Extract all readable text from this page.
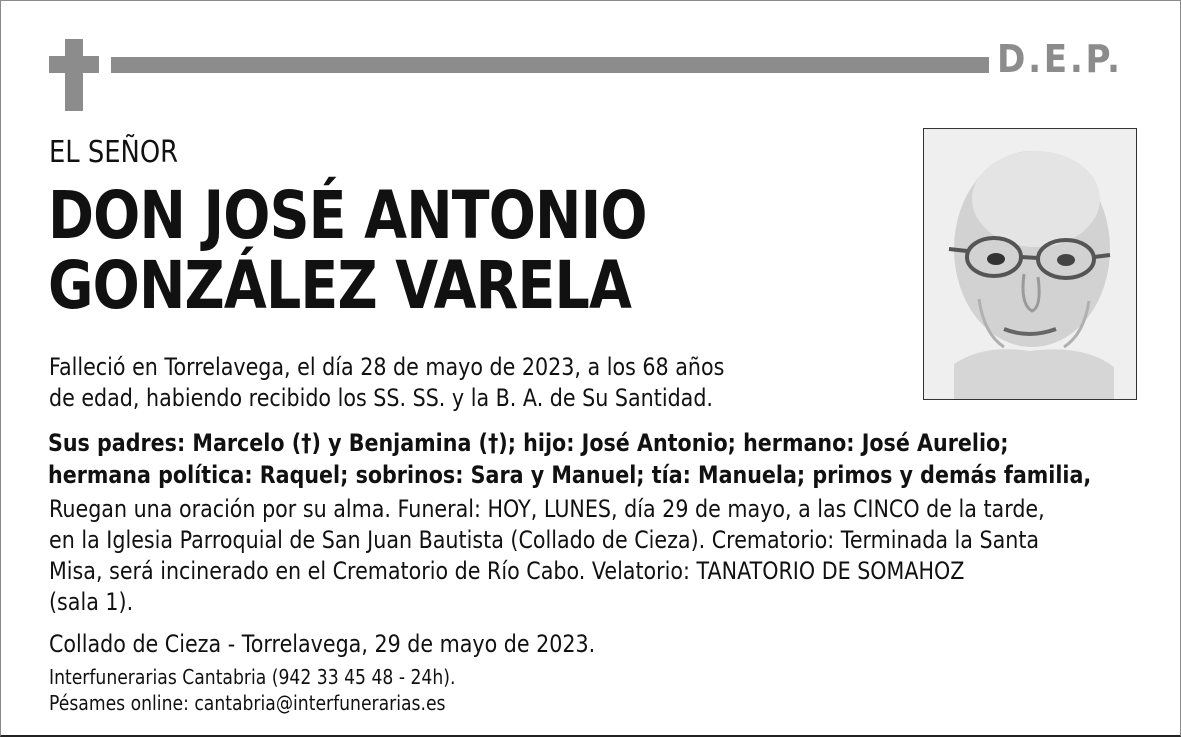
D.E.P.
EL SEÑOR
DON JOSÉ ANTONIO
GONZÁLEZ VARELA
Falleció en Torrelavega, el día 28 de mayo de 2023, a los 68 años
de edad, habiendo recibido los SS. SS. y la B. A. de Su Santidad.
Sus padres: Marcelo (†) y Benjamina (†); hijo: José Antonio; hermano: José Aurelio;
hermana política: Raquel; sobrinos: Sara y Manuel; tía: Manuela; primos y demás familia,
Ruegan una oración por su alma. Funeral: HOY, LUNES, día 29 de mayo, a las CINCO de la tarde,
en la Iglesia Parroquial de San Juan Bautista (Collado de Cieza). Crematorio: Terminada la Santa
Misa, será incinerado en el Crematorio de Río Cabo. Velatorio: TANATORIO DE SOMAHOZ
(sala 1).
Collado de Cieza - Torrelavega, 29 de mayo de 2023.
Interfunerarias Cantabria (942 33 45 48 - 24h).
Pésames online: cantabria@interfunerarias.es
